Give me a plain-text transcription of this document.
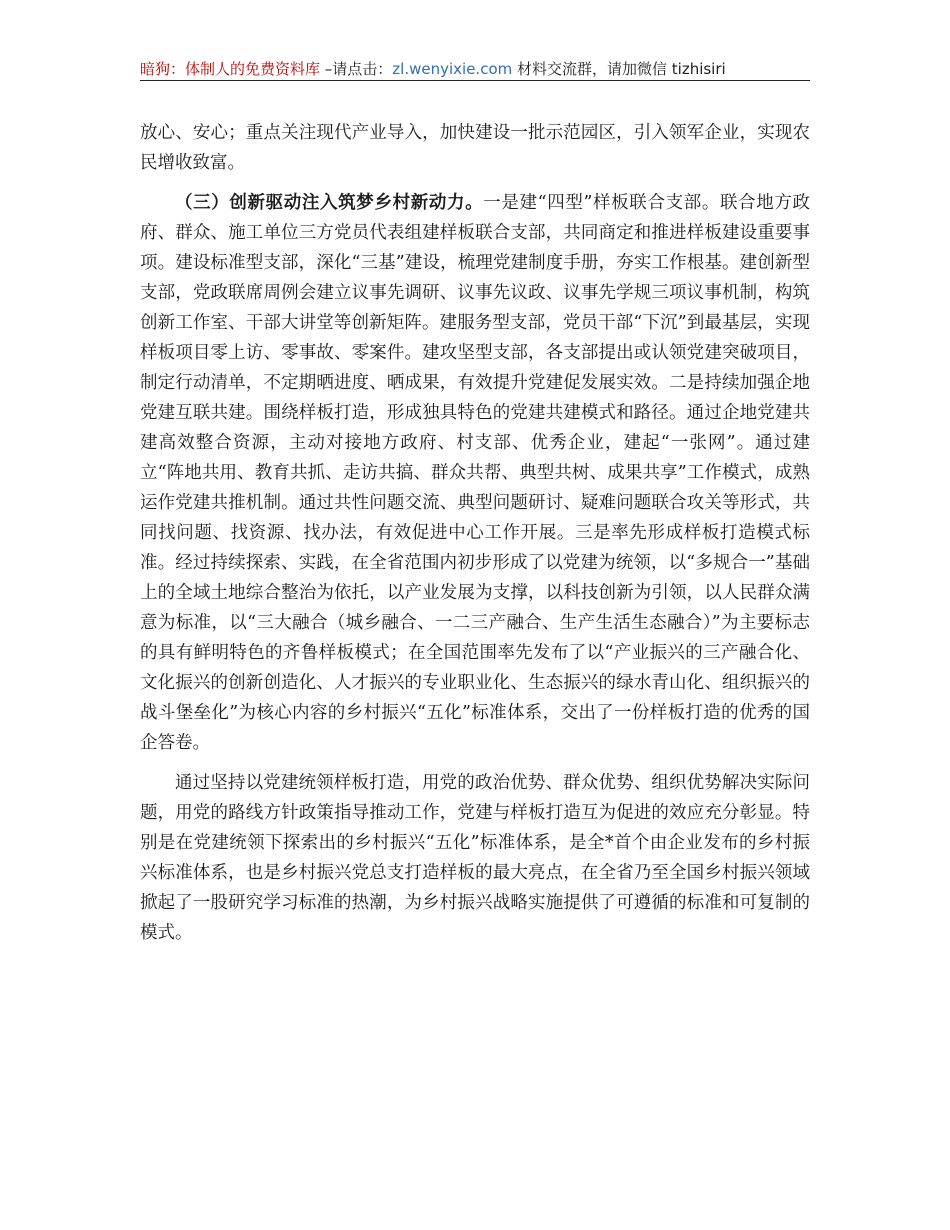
暗狗：体制人的免费资料库 –请点击：zl.wenyixie.com 材料交流群，请加微信 tizhisiri

放心、安心；重点关注现代产业导入，加快建设一批示范园区，引入领军企业，实现农民增收致富。

（三）创新驱动注入筑梦乡村新动力。一是建“四型”样板联合支部。联合地方政府、群众、施工单位三方党员代表组建样板联合支部，共同商定和推进样板建设重要事项。建设标准型支部，深化“三基”建设，梳理党建制度手册，夯实工作根基。建创新型支部，党政联席周例会建立议事先调研、议事先议政、议事先学规三项议事机制，构筑创新工作室、干部大讲堂等创新矩阵。建服务型支部，党员干部“下沉”到最基层，实现样板项目零上访、零事故、零案件。建攻坚型支部，各支部提出或认领党建突破项目，制定行动清单，不定期晒进度、晒成果，有效提升党建促发展实效。二是持续加强企地党建互联共建。围绕样板打造，形成独具特色的党建共建模式和路径。通过企地党建共建高效整合资源，主动对接地方政府、村支部、优秀企业，建起“一张网”。通过建立“阵地共用、教育共抓、走访共搞、群众共帮、典型共树、成果共享”工作模式，成熟运作党建共推机制。通过共性问题交流、典型问题研讨、疑难问题联合攻关等形式，共同找问题、找资源、找办法，有效促进中心工作开展。三是率先形成样板打造模式标准。经过持续探索、实践，在全省范围内初步形成了以党建为统领，以“多规合一”基础上的全域土地综合整治为依托，以产业发展为支撑，以科技创新为引领，以人民群众满意为标准，以“三大融合（城乡融合、一二三产融合、生产生活生态融合）”为主要标志的具有鲜明特色的齐鲁样板模式；在全国范围率先发布了以“产业振兴的三产融合化、文化振兴的创新创造化、人才振兴的专业职业化、生态振兴的绿水青山化、组织振兴的战斗堡垒化”为核心内容的乡村振兴“五化”标准体系，交出了一份样板打造的优秀的国企答卷。

通过坚持以党建统领样板打造，用党的政治优势、群众优势、组织优势解决实际问题，用党的路线方针政策指导推动工作，党建与样板打造互为促进的效应充分彰显。特别是在党建统领下探索出的乡村振兴“五化”标准体系，是全*首个由企业发布的乡村振兴标准体系，也是乡村振兴党总支打造样板的最大亮点，在全省乃至全国乡村振兴领域掀起了一股研究学习标准的热潮，为乡村振兴战略实施提供了可遵循的标准和可复制的模式。
